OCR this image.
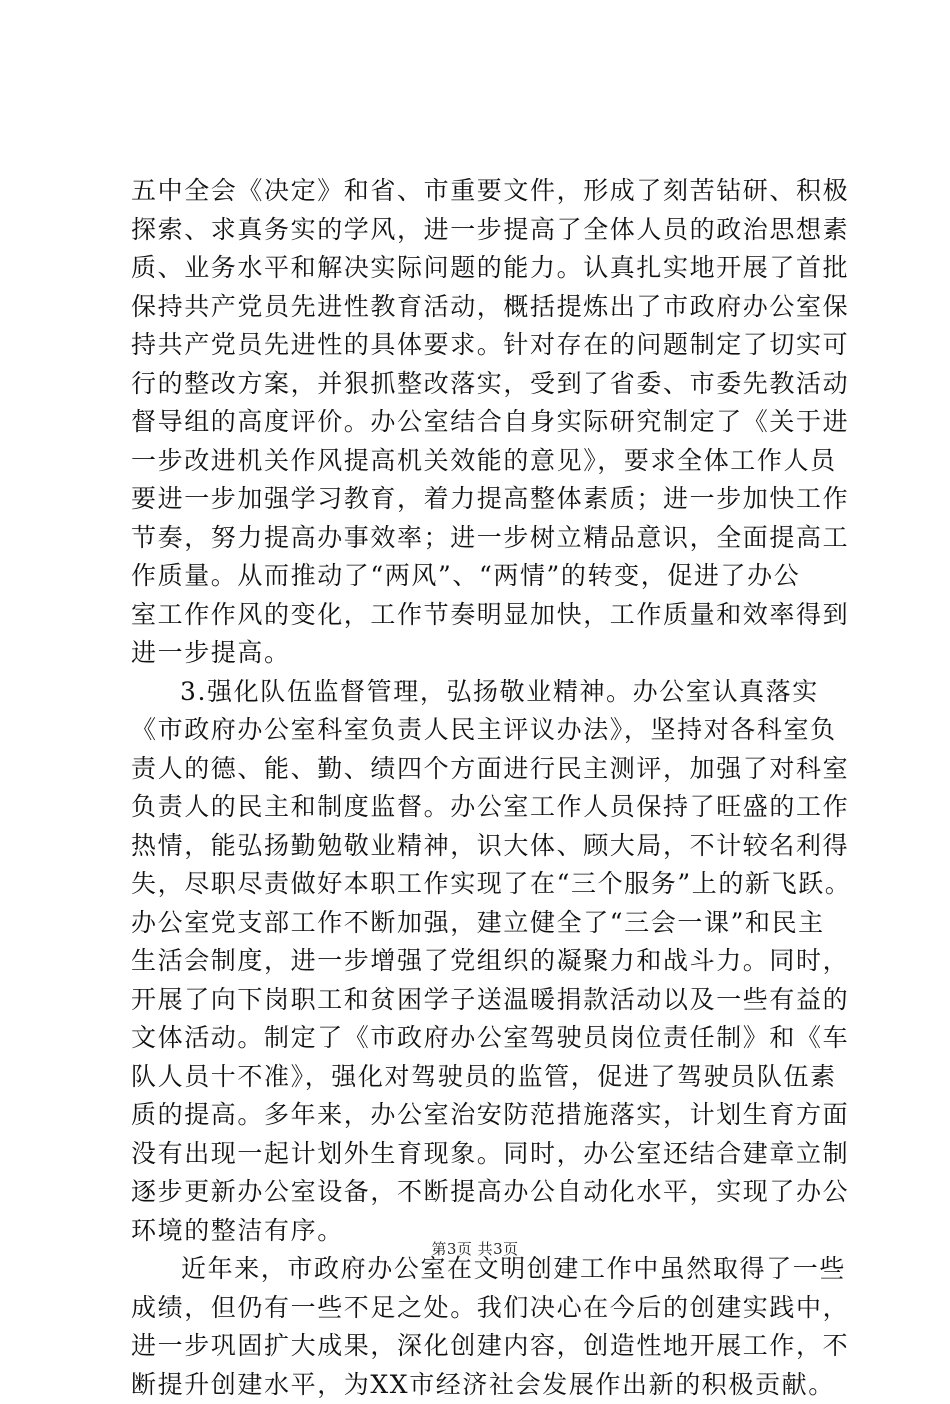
五中全会《决定》和省、市重要文件，形成了刻苦钻研、积极
探索、求真务实的学风，进一步提高了全体人员的政治思想素
质、业务水平和解决实际问题的能力。认真扎实地开展了首批
保持共产党员先进性教育活动，概括提炼出了市政府办公室保
持共产党员先进性的具体要求。针对存在的问题制定了切实可
行的整改方案，并狠抓整改落实，受到了省委、市委先教活动
督导组的高度评价。办公室结合自身实际研究制定了《关于进
一步改进机关作风提高机关效能的意见》，要求全体工作人员
要进一步加强学习教育，着力提高整体素质；进一步加快工作
节奏，努力提高办事效率；进一步树立精品意识，全面提高工
作质量。从而推动了“两风”、“两情”的转变，促进了办公
室工作作风的变化，工作节奏明显加快，工作质量和效率得到
进一步提高。
3.强化队伍监督管理，弘扬敬业精神。办公室认真落实
《市政府办公室科室负责人民主评议办法》，坚持对各科室负
责人的德、能、勤、绩四个方面进行民主测评，加强了对科室
负责人的民主和制度监督。办公室工作人员保持了旺盛的工作
热情，能弘扬勤勉敬业精神，识大体、顾大局，不计较名利得
失，尽职尽责做好本职工作实现了在“三个服务”上的新飞跃。
办公室党支部工作不断加强，建立健全了“三会一课”和民主
生活会制度，进一步增强了党组织的凝聚力和战斗力。同时，
开展了向下岗职工和贫困学子送温暖捐款活动以及一些有益的
文体活动。制定了《市政府办公室驾驶员岗位责任制》和《车
队人员十不准》，强化对驾驶员的监管，促进了驾驶员队伍素
质的提高。多年来，办公室治安防范措施落实，计划生育方面
没有出现一起计划外生育现象。同时，办公室还结合建章立制
逐步更新办公室设备，不断提高办公自动化水平，实现了办公
环境的整洁有序。
近年来，市政府办公室在文明创建工作中虽然取得了一些
成绩，但仍有一些不足之处。我们决心在今后的创建实践中，
进一步巩固扩大成果，深化创建内容，创造性地开展工作，不
断提升创建水平，为XX市经济社会发展作出新的积极贡献。
第3页 共3页
